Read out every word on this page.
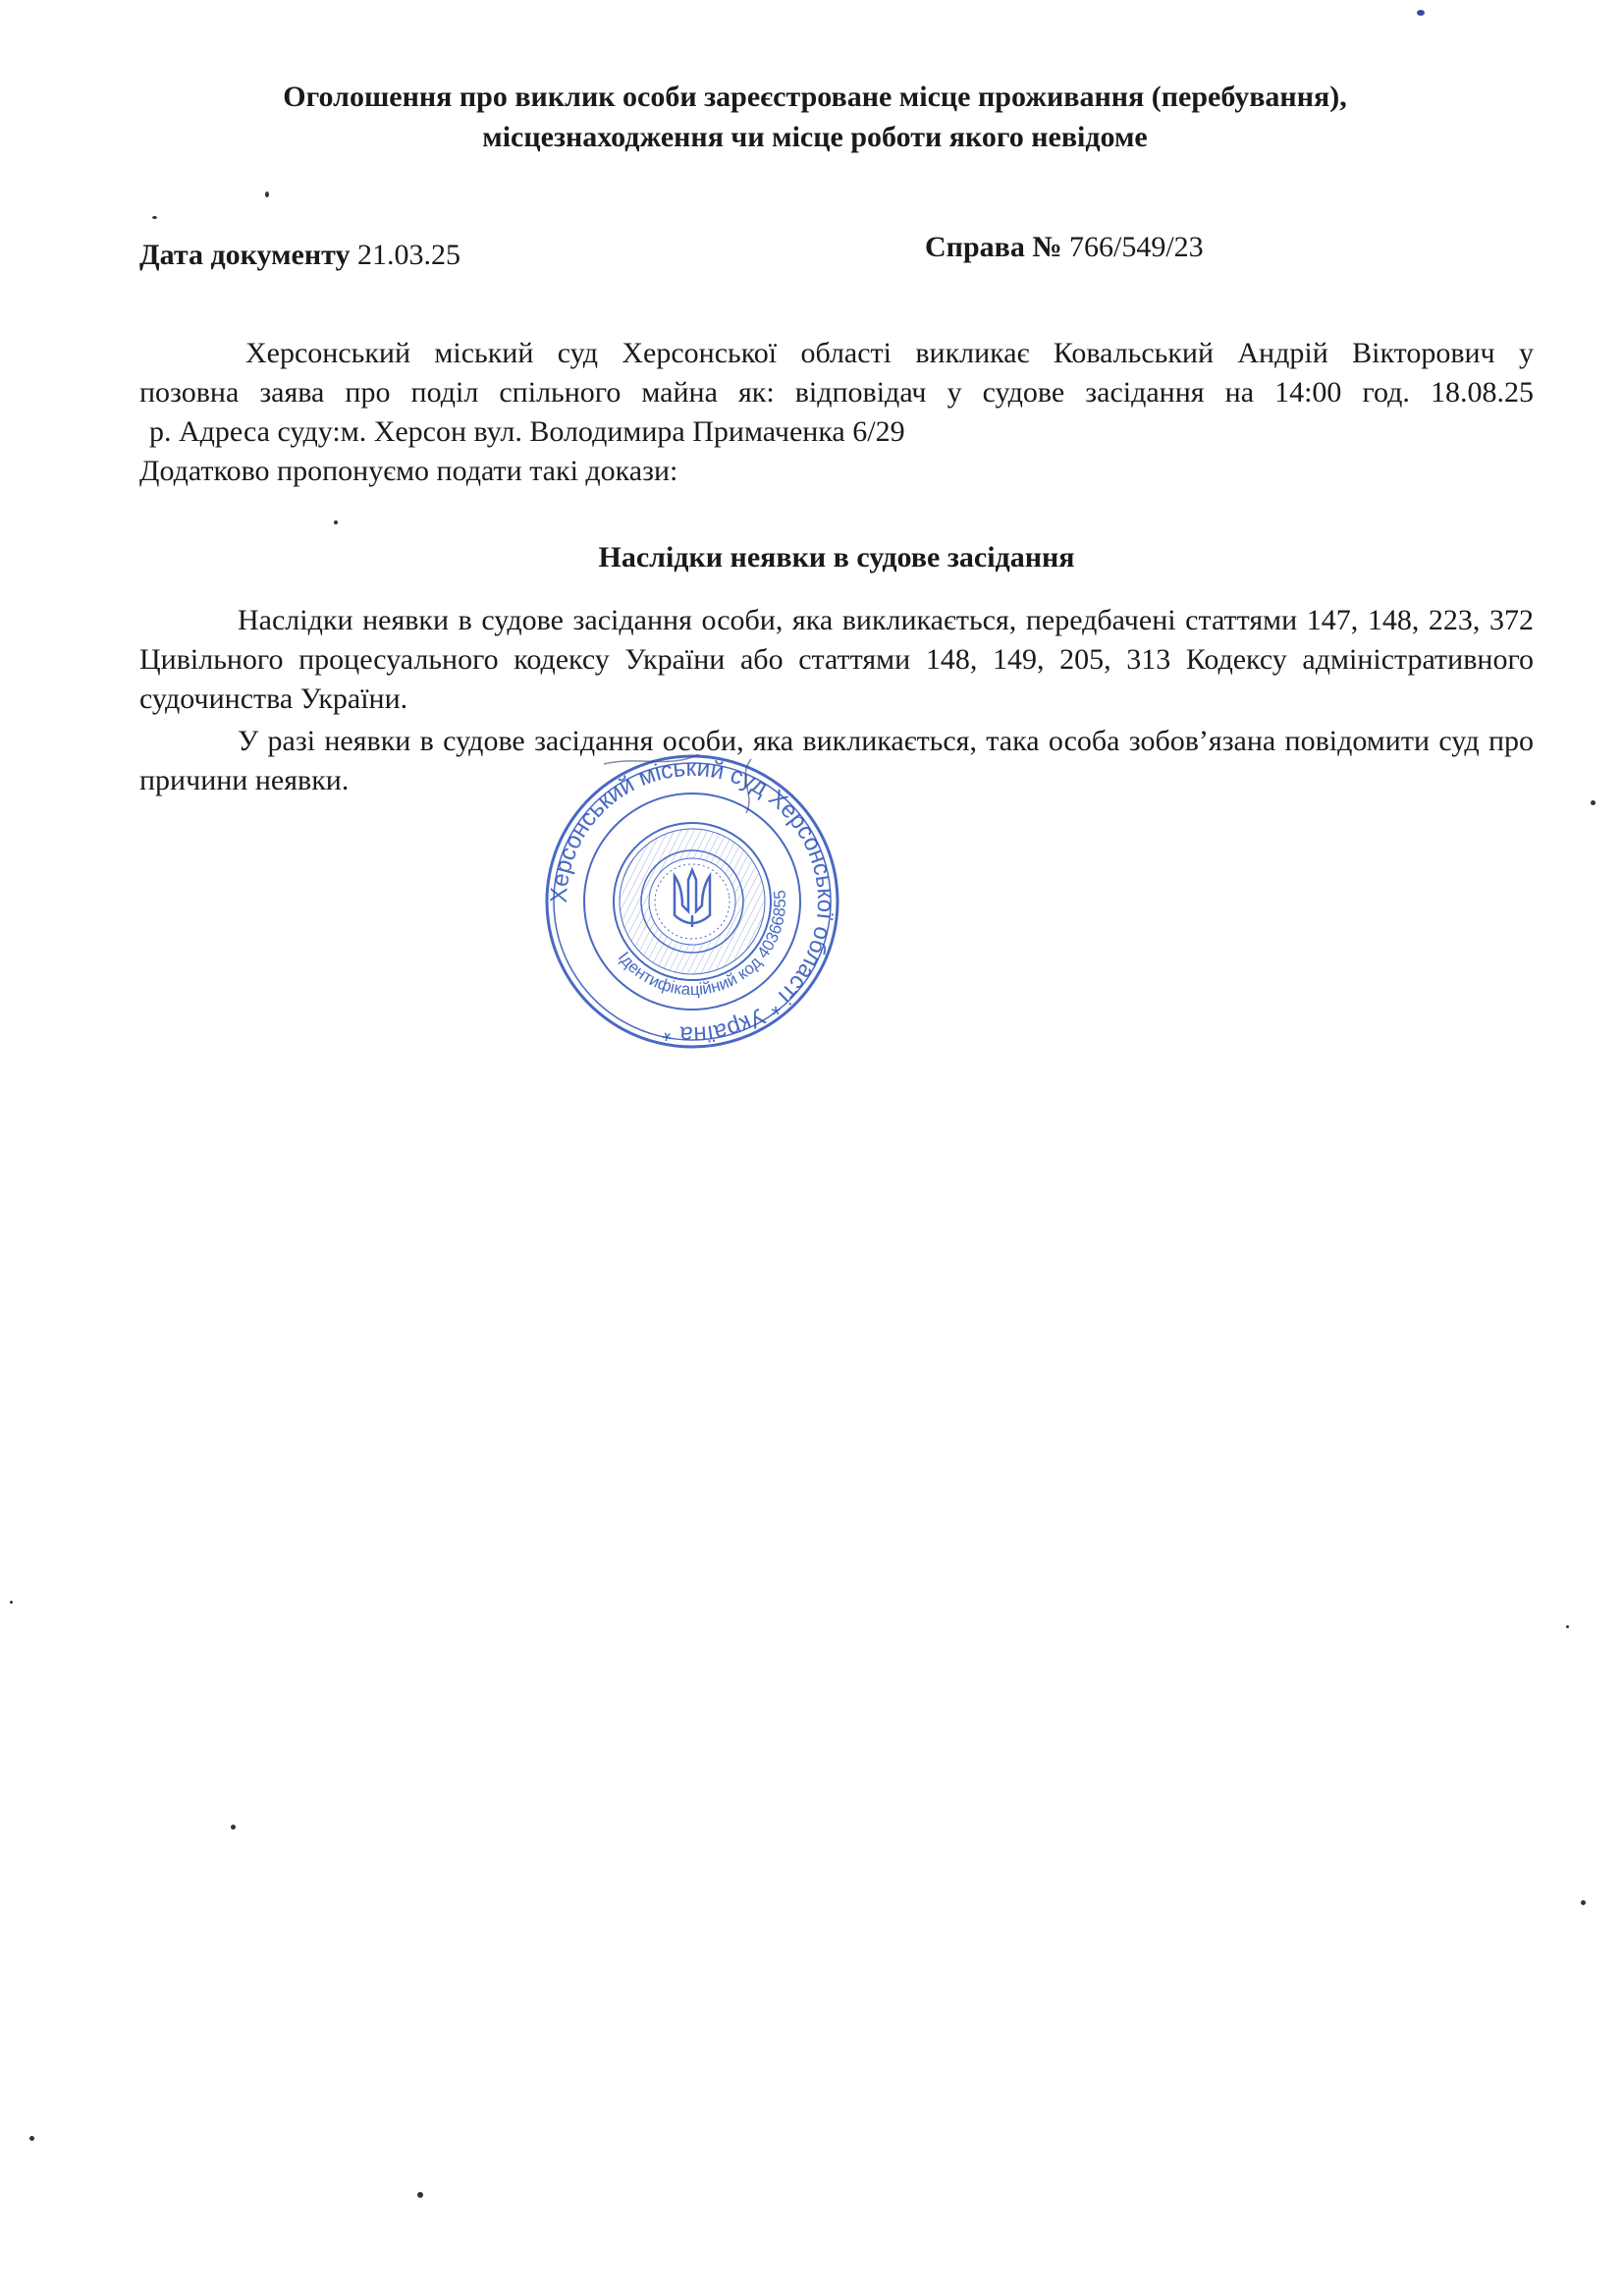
Оголошення про виклик особи зареєстроване місце проживання (перебування),
місцезнаходження чи місце роботи якого невідоме
Дата документу 21.03.25	Справа № 766/549/23
Херсонський міський суд Херсонської області викликає Ковальський Андрій Вікторович у
позовна заява про поділ спільного майна як: відповідач у судове засідання на 14:00 год. 18.08.25
р. Адреса суду:м. Херсон вул. Володимира Примаченка 6/29
Додатково пропонуємо подати такі докази:
Наслідки неявки в судове засідання
Наслідки неявки в судове засідання особи, яка викликається, передбачені статтями 147, 148, 223, 372 Цивільного процесуального кодексу України або статтями 148, 149, 205, 313 Кодексу адміністративного судочинства України.
У разі неявки в судове засідання особи, яка викликається, така особа зобов’язана повідомити суд про причини неявки.
Херсонський міський суд Херсонської області * Україна *
Ідентифікаційний код 40366855
